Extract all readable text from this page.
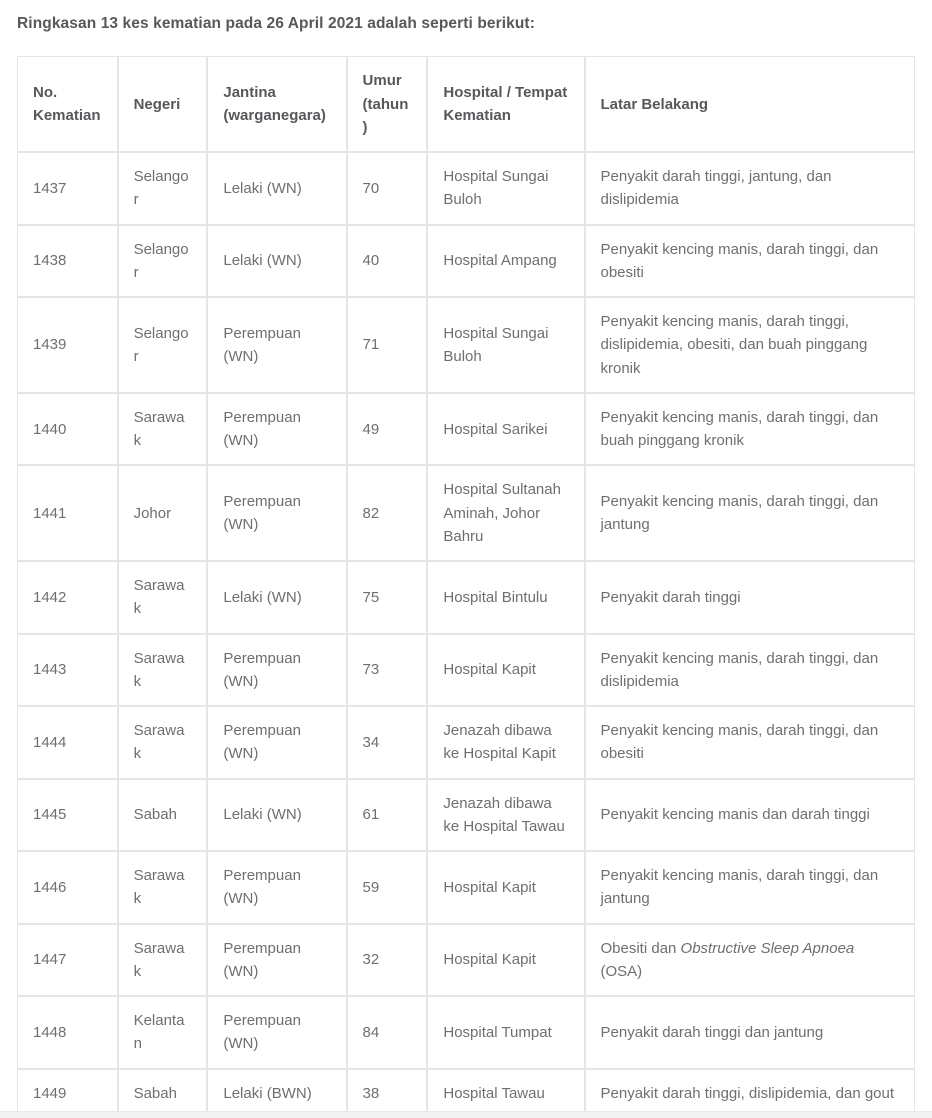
Ringkasan 13 kes kematian pada 26 April 2021 adalah seperti berikut:

No. Kematian	Negeri	Jantina (warganegara)	Umur (tahun)	Hospital / Tempat Kematian	Latar Belakang
1437	Selangor	Lelaki (WN)	70	Hospital Sungai Buloh	Penyakit darah tinggi, jantung, dan dislipidemia
1438	Selangor	Lelaki (WN)	40	Hospital Ampang	Penyakit kencing manis, darah tinggi, dan obesiti
1439	Selangor	Perempuan (WN)	71	Hospital Sungai Buloh	Penyakit kencing manis, darah tinggi, dislipidemia, obesiti, dan buah pinggang kronik
1440	Sarawak	Perempuan (WN)	49	Hospital Sarikei	Penyakit kencing manis, darah tinggi, dan buah pinggang kronik
1441	Johor	Perempuan (WN)	82	Hospital Sultanah Aminah, Johor Bahru	Penyakit kencing manis, darah tinggi, dan jantung
1442	Sarawak	Lelaki (WN)	75	Hospital Bintulu	Penyakit darah tinggi
1443	Sarawak	Perempuan (WN)	73	Hospital Kapit	Penyakit kencing manis, darah tinggi, dan dislipidemia
1444	Sarawak	Perempuan (WN)	34	Jenazah dibawa ke Hospital Kapit	Penyakit kencing manis, darah tinggi, dan obesiti
1445	Sabah	Lelaki (WN)	61	Jenazah dibawa ke Hospital Tawau	Penyakit kencing manis dan darah tinggi
1446	Sarawak	Perempuan (WN)	59	Hospital Kapit	Penyakit kencing manis, darah tinggi, dan jantung
1447	Sarawak	Perempuan (WN)	32	Hospital Kapit	Obesiti dan Obstructive Sleep Apnoea (OSA)
1448	Kelantan	Perempuan (WN)	84	Hospital Tumpat	Penyakit darah tinggi dan jantung
1449	Sabah	Lelaki (BWN)	38	Hospital Tawau	Penyakit darah tinggi, dislipidemia, dan gout
